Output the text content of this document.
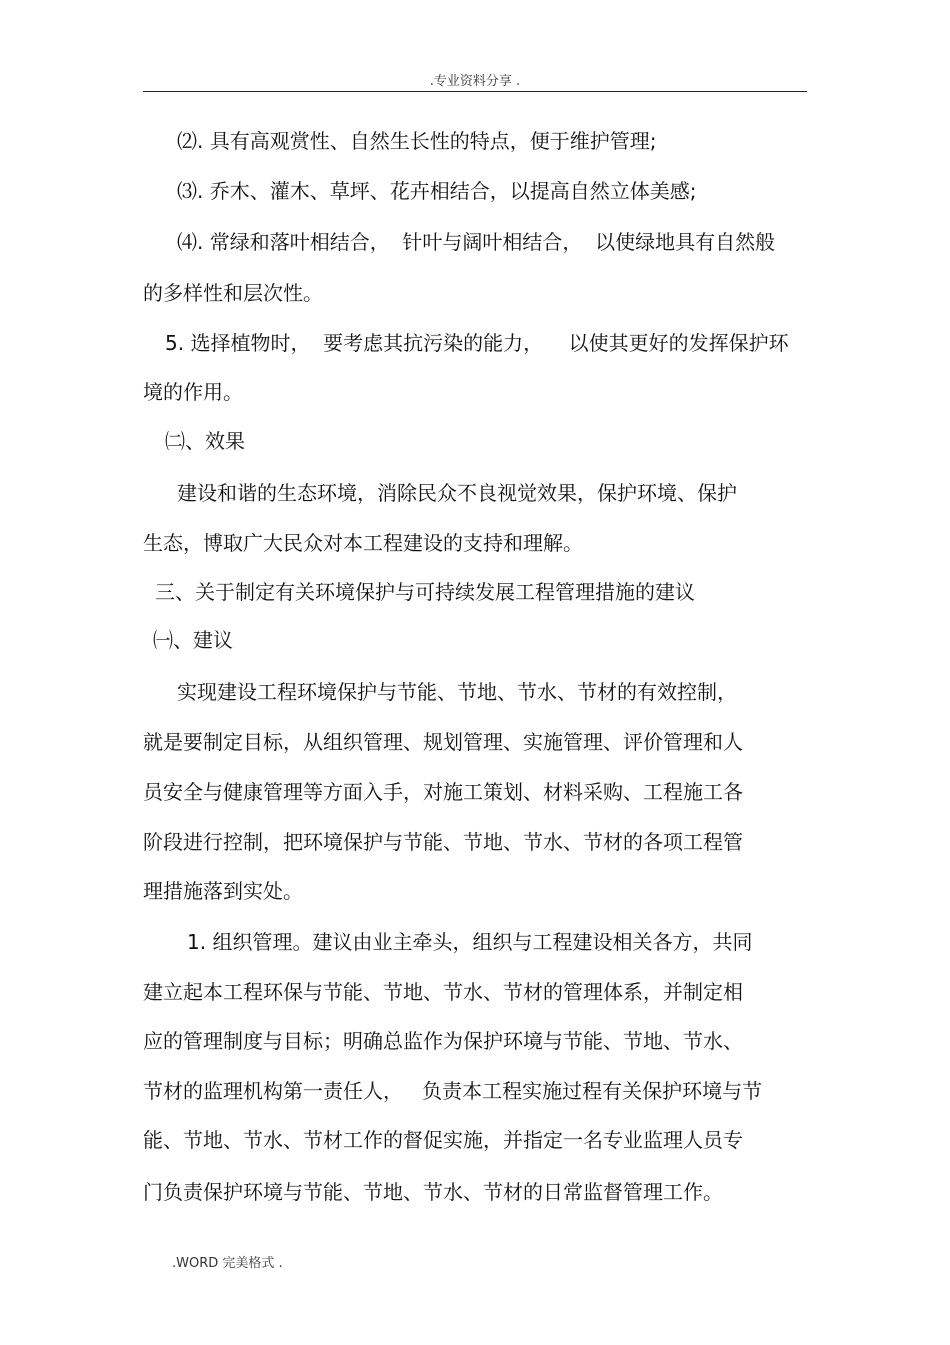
.专业资料分享 .
⑵. 具有高观赏性、自然生长性的特点，便于维护管理;
⑶. 乔木、灌木、草坪、花卉相结合，以提高自然立体美感;
⑷. 常绿和落叶相结合，  针叶与阔叶相结合，  以使绿地具有自然般
的多样性和层次性。
5. 选择植物时，  要考虑其抗污染的能力，    以使其更好的发挥保护环
境的作用。
㈡、效果
建设和谐的生态环境，消除民众不良视觉效果，保护环境、保护
生态，博取广大民众对本工程建设的支持和理解。
三、关于制定有关环境保护与可持续发展工程管理措施的建议
㈠、建议
实现建设工程环境保护与节能、节地、节水、节材的有效控制，
就是要制定目标，从组织管理、规划管理、实施管理、评价管理和人
员安全与健康管理等方面入手，对施工策划、材料采购、工程施工各
阶段进行控制，把环境保护与节能、节地、节水、节材的各项工程管
理措施落到实处。
1. 组织管理。建议由业主牵头，组织与工程建设相关各方，共同
建立起本工程环保与节能、节地、节水、节材的管理体系，并制定相
应的管理制度与目标；明确总监作为保护环境与节能、节地、节水、
节材的监理机构第一责任人，   负责本工程实施过程有关保护环境与节
能、节地、节水、节材工作的督促实施，并指定一名专业监理人员专
门负责保护环境与节能、节地、节水、节材的日常监督管理工作。
.WORD 完美格式 .
